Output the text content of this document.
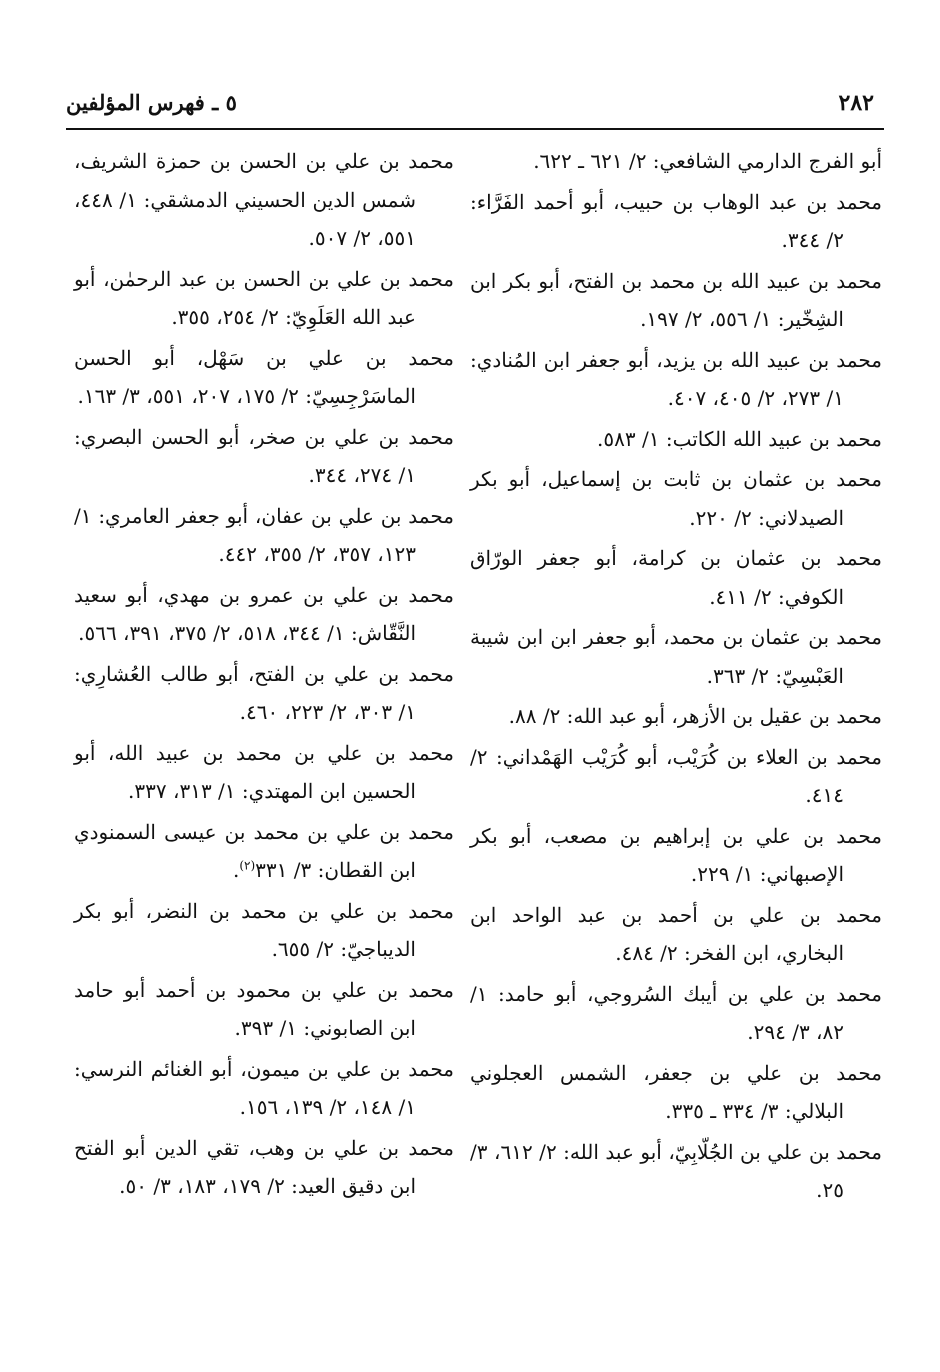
٢٨٢
٥ ـ فهرس المؤلفين
أبو الفرج الدارمي الشافعي: ٢/ ٦٢١ ـ ٦٢٢.
محمد بن عبد الوهاب بن حبيب، أبو أحمد الفَرَّاء: ٢/ ٣٤٤.
محمد بن عبيد الله بن محمد بن الفتح، أبو بكر ابن الشِخّير: ١/ ٥٥٦، ٢/ ١٩٧.
محمد بن عبيد الله بن يزيد، أبو جعفر ابن المُنادي: ١/ ٢٧٣، ٢/ ٤٠٥، ٤٠٧.
محمد بن عبيد الله الكاتب: ١/ ٥٨٣.
محمد بن عثمان بن ثابت بن إسماعيل، أبو بكر الصيدلاني: ٢/ ٢٢٠.
محمد بن عثمان بن كرامة، أبو جعفر الورّاق الكوفي: ٢/ ٤١١.
محمد بن عثمان بن محمد، أبو جعفر ابن ابن شيبة العَبْسِيّ: ٢/ ٣٦٣.
محمد بن عقيل بن الأزهر، أبو عبد الله: ٢/ ٨٨.
محمد بن العلاء بن كُرَيْب، أبو كُرَيْب الهَمْداني: ٢/ ٤١٤.
محمد بن علي بن إبراهيم بن مصعب، أبو بكر الإصبهاني: ١/ ٢٢٩.
محمد بن علي بن أحمد بن عبد الواحد ابن البخاري، ابن الفخر: ٢/ ٤٨٤.
محمد بن علي بن أيبك السُروجي، أبو حامد: ١/ ٨٢، ٣/ ٢٩٤.
محمد بن علي بن جعفر، الشمس العجلوني البلالي: ٣/ ٣٣٤ ـ ٣٣٥.
محمد بن علي بن الجُلّابِيّ، أبو عبد الله: ٢/ ٦١٢، ٣/ ٢٥.
محمد بن علي بن الحسن بن حمزة الشريف، شمس الدين الحسيني الدمشقي: ١/ ٤٤٨، ٥٥١، ٢/ ٥٠٧.
محمد بن علي بن الحسن بن عبد الرحمٰن، أبو عبد الله العَلَوِيّ: ٢/ ٢٥٤، ٣٥٥.
محمد بن علي بن سَهْل، أبو الحسن الماسَرْجِسِيّ: ٢/ ١٧٥، ٢٠٧، ٥٥١، ٣/ ١٦٣.
محمد بن علي بن صخر، أبو الحسن البصري: ١/ ٢٧٤، ٣٤٤.
محمد بن علي بن عفان، أبو جعفر العامري: ١/ ١٢٣، ٣٥٧، ٢/ ٣٥٥، ٤٤٢.
محمد بن علي بن عمرو بن مهدي، أبو سعيد النَّقّاش: ١/ ٣٤٤، ٥١٨، ٢/ ٣٧٥، ٣٩١، ٥٦٦.
محمد بن علي بن الفتح، أبو طالب العُشارِي: ١/ ٣٠٣، ٢/ ٢٢٣، ٤٦٠.
محمد بن علي بن محمد بن عبيد الله، أبو الحسين ابن المهتدي: ١/ ٣١٣، ٣٣٧.
محمد بن علي بن محمد بن عيسى السمنودي ابن القطان: ٣/ ٣٣١$^{(٢)}$.
محمد بن علي بن محمد بن النضر، أبو بكر الديباجيّ: ٢/ ٦٥٥.
محمد بن علي بن محمود بن أحمد أبو حامد ابن الصابوني: ١/ ٣٩٣.
محمد بن علي بن ميمون، أبو الغنائم النرسي: ١/ ١٤٨، ٢/ ١٣٩، ١٥٦.
محمد بن علي بن وهب، تقي الدين أبو الفتح ابن دقيق العيد: ٢/ ١٧٩، ١٨٣، ٣/ ٥٠.
